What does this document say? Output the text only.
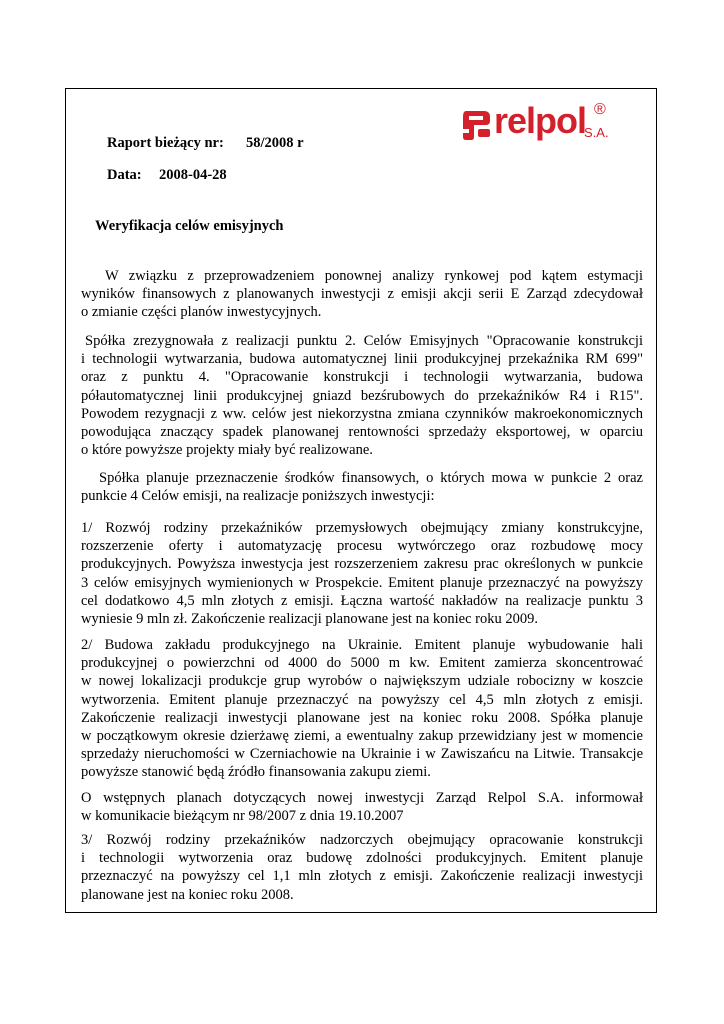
relpol ®
S.A.
Raport bieżący nr: 58/2008 r
Data: 2008-04-28
Weryfikacja celów emisyjnych
W związku z przeprowadzeniem ponownej analizy rynkowej pod kątem estymacji
wyników finansowych z planowanych inwestycji z emisji akcji serii E Zarząd zdecydował
o zmianie części planów inwestycyjnych.
Spółka zrezygnowała z realizacji punktu 2. Celów Emisyjnych "Opracowanie konstrukcji
i technologii wytwarzania, budowa automatycznej linii produkcyjnej przekaźnika RM 699"
oraz z punktu 4. "Opracowanie konstrukcji i technologii wytwarzania, budowa
półautomatycznej linii produkcyjnej gniazd bezśrubowych do przekaźników R4 i R15".
Powodem rezygnacji z ww. celów jest niekorzystna zmiana czynników makroekonomicznych
powodująca znaczący spadek planowanej rentowności sprzedaży eksportowej, w oparciu
o które powyższe projekty miały być realizowane.
Spółka planuje przeznaczenie środków finansowych, o których mowa w punkcie 2 oraz
punkcie 4 Celów emisji, na realizacje poniższych inwestycji:
1/ Rozwój rodziny przekaźników przemysłowych obejmujący zmiany konstrukcyjne,
rozszerzenie oferty i automatyzację procesu wytwórczego oraz rozbudowę mocy
produkcyjnych. Powyższa inwestycja jest rozszerzeniem zakresu prac określonych w punkcie
3 celów emisyjnych wymienionych w Prospekcie. Emitent planuje przeznaczyć na powyższy
cel dodatkowo 4,5 mln złotych z emisji. Łączna wartość nakładów na realizacje punktu 3
wyniesie 9 mln zł. Zakończenie realizacji planowane jest na koniec roku 2009.
2/ Budowa zakładu produkcyjnego na Ukrainie. Emitent planuje wybudowanie hali
produkcyjnej o powierzchni od 4000 do 5000 m kw. Emitent zamierza skoncentrować
w nowej lokalizacji produkcje grup wyrobów o największym udziale robocizny w koszcie
wytworzenia. Emitent planuje przeznaczyć na powyższy cel 4,5 mln złotych z emisji.
Zakończenie realizacji inwestycji planowane jest na koniec roku 2008. Spółka planuje
w początkowym okresie dzierżawę ziemi, a ewentualny zakup przewidziany jest w momencie
sprzedaży nieruchomości w Czerniachowie na Ukrainie i w Zawiszańcu na Litwie. Transakcje
powyższe stanowić będą źródło finansowania zakupu ziemi.
O wstępnych planach dotyczących nowej inwestycji Zarząd Relpol S.A. informował
w komunikacie bieżącym nr 98/2007 z dnia 19.10.2007
3/ Rozwój rodziny przekaźników nadzorczych obejmujący opracowanie konstrukcji
i technologii wytworzenia oraz budowę zdolności produkcyjnych. Emitent planuje
przeznaczyć na powyższy cel 1,1 mln złotych z emisji. Zakończenie realizacji inwestycji
planowane jest na koniec roku 2008.
